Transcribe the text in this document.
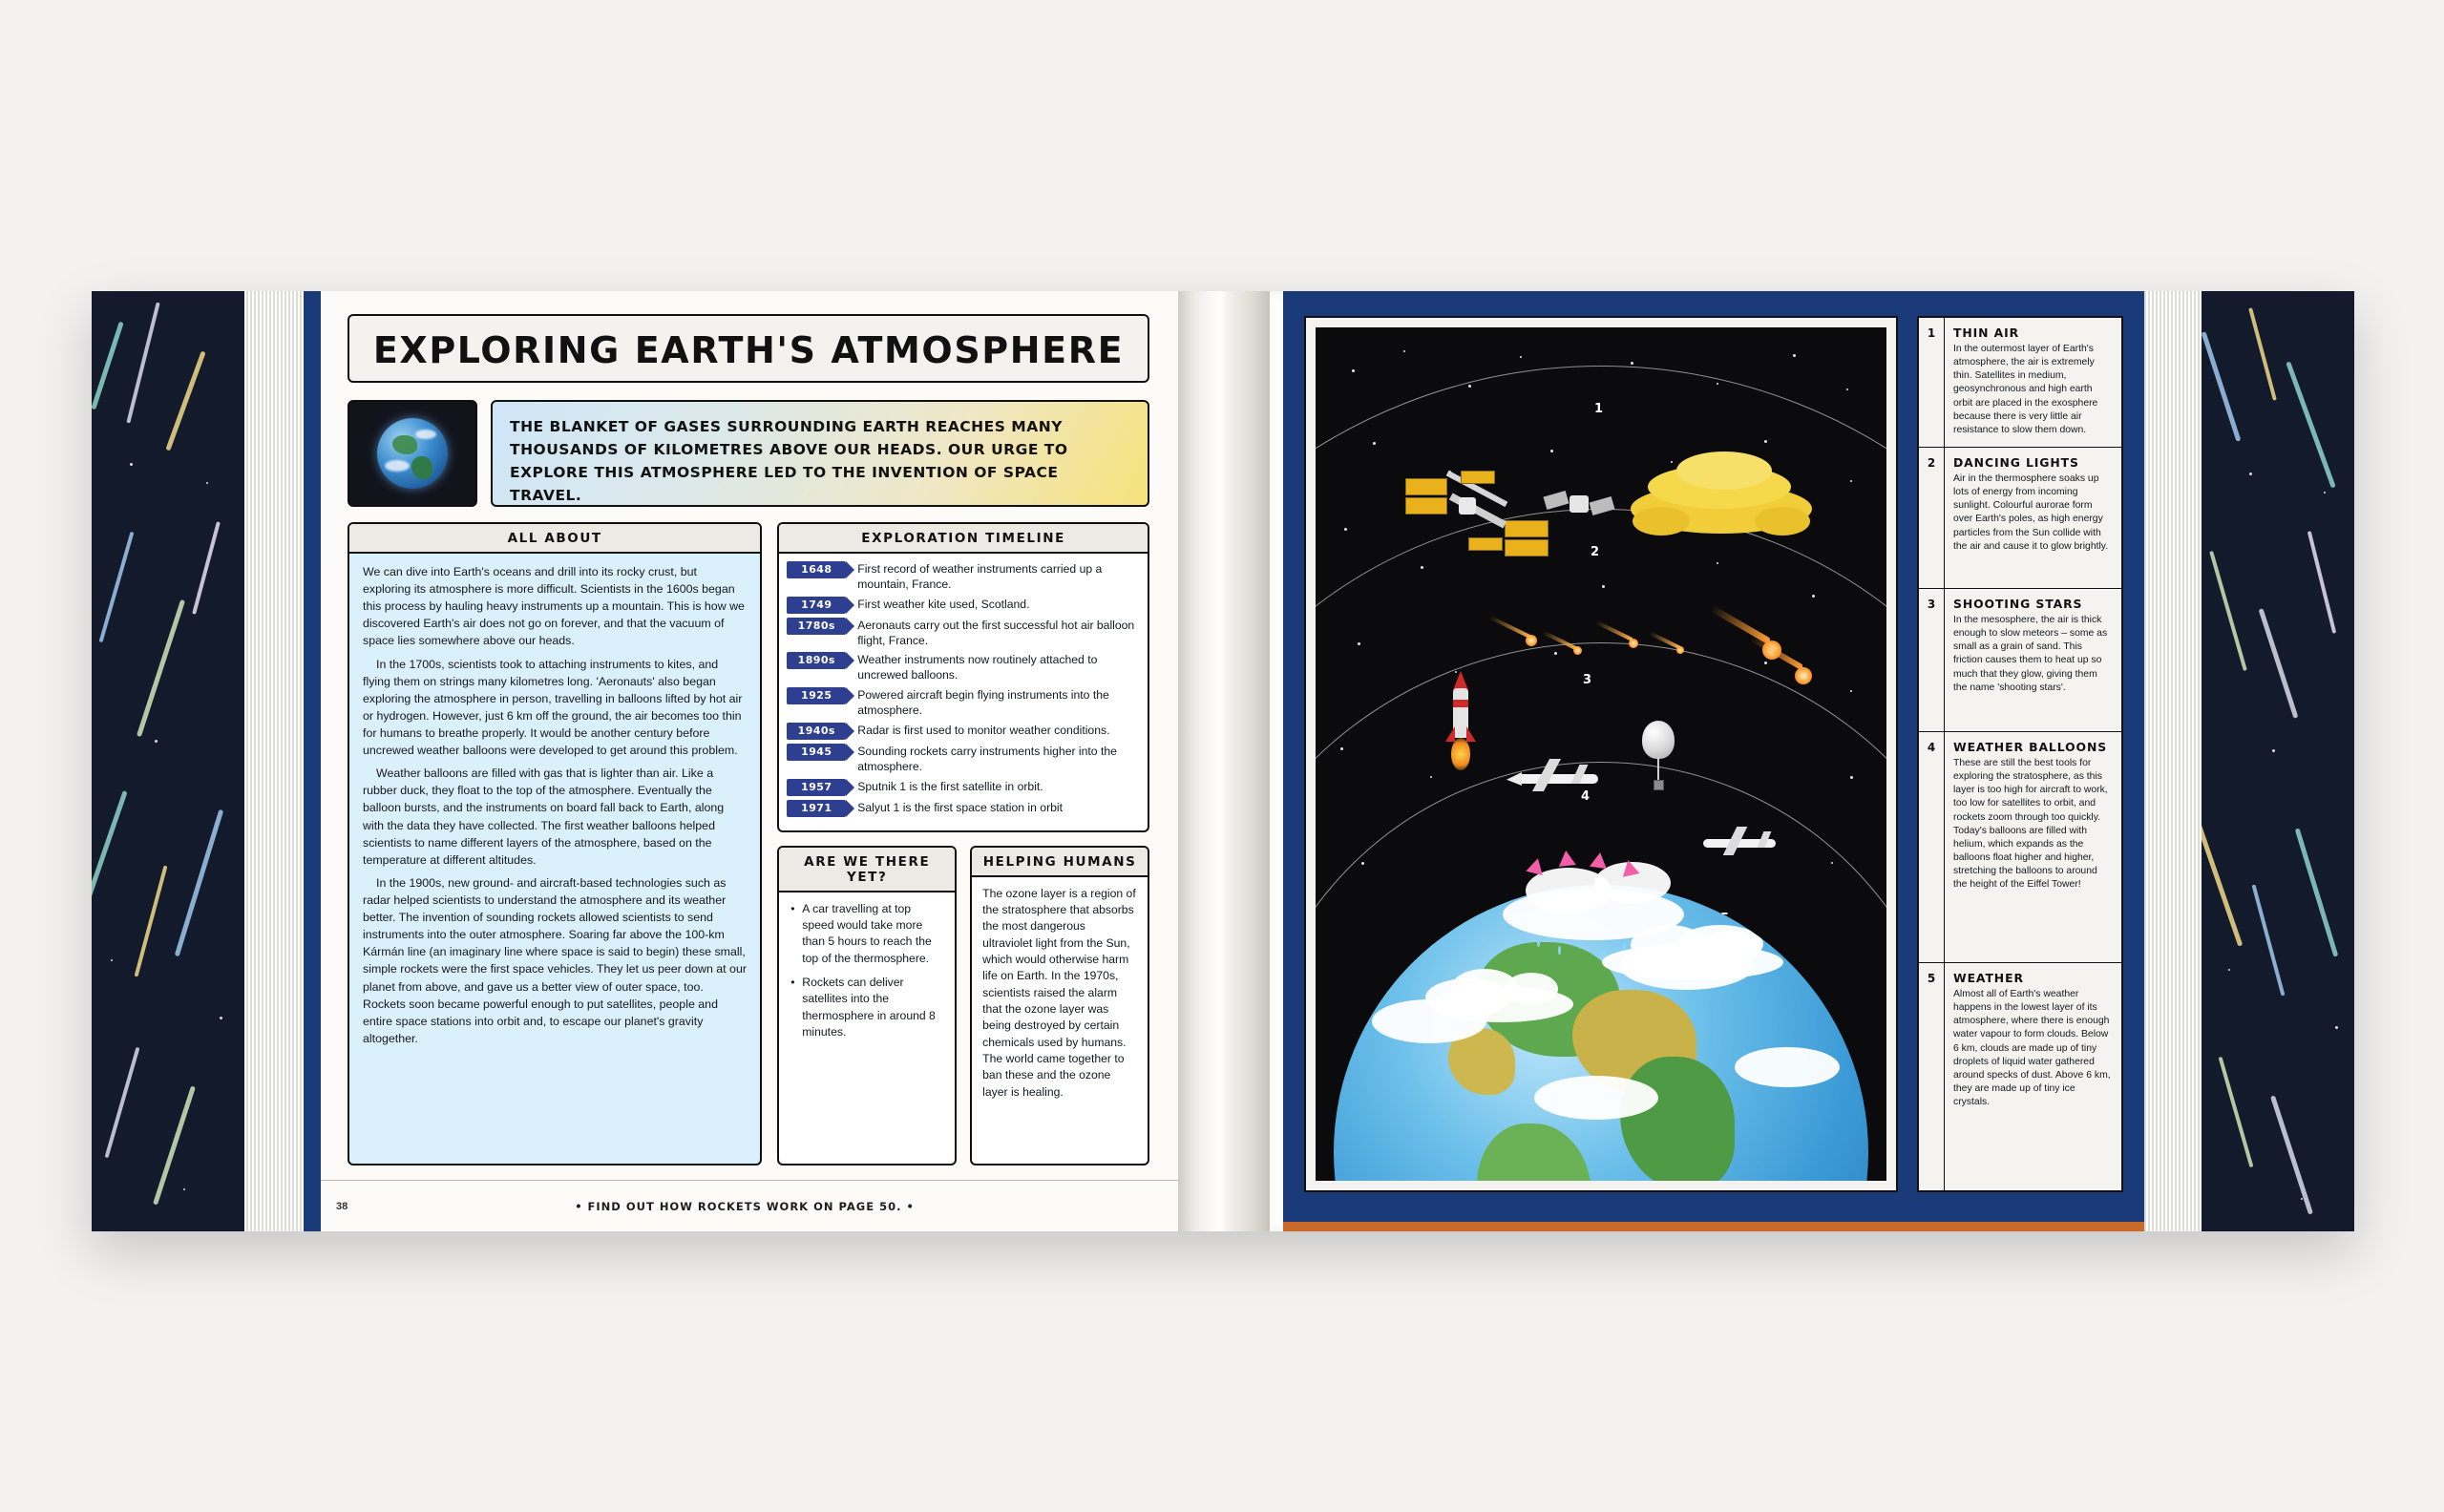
EXPLORING EARTH'S ATMOSPHERE

THE BLANKET OF GASES SURROUNDING EARTH REACHES MANY THOUSANDS OF KILOMETRES ABOVE OUR HEADS. OUR URGE TO EXPLORE THIS ATMOSPHERE LED TO THE INVENTION OF SPACE TRAVEL.

ALL ABOUT

We can dive into Earth's oceans and drill into its rocky crust, but exploring its atmosphere is more difficult. Scientists in the 1600s began this process by hauling heavy instruments up a mountain. This is how we discovered Earth's air does not go on forever, and that the vacuum of space lies somewhere above our heads.

In the 1700s, scientists took to attaching instruments to kites, and flying them on strings many kilometres long. 'Aeronauts' also began exploring the atmosphere in person, travelling in balloons lifted by hot air or hydrogen. However, just 6 km off the ground, the air becomes too thin for humans to breathe properly. It would be another century before uncrewed weather balloons were developed to get around this problem.

Weather balloons are filled with gas that is lighter than air. Like a rubber duck, they float to the top of the atmosphere. Eventually the balloon bursts, and the instruments on board fall back to Earth, along with the data they have collected. The first weather balloons helped scientists to name different layers of the atmosphere, based on the temperature at different altitudes.

In the 1900s, new ground- and aircraft-based technologies such as radar helped scientists to understand the atmosphere and its weather better. The invention of sounding rockets allowed scientists to send instruments into the outer atmosphere. Soaring far above the 100-km Kármán line (an imaginary line where space is said to begin) these small, simple rockets were the first space vehicles. They let us peer down at our planet from above, and gave us a better view of outer space, too. Rockets soon became powerful enough to put satellites, people and entire space stations into orbit and, to escape our planet's gravity altogether.

EXPLORATION TIMELINE
1648	First record of weather instruments carried up a mountain, France.
1749	First weather kite used, Scotland.
1780s	Aeronauts carry out the first successful hot air balloon flight, France.
1890s	Weather instruments now routinely attached to uncrewed balloons.
1925	Powered aircraft begin flying instruments into the atmosphere.
1940s	Radar is first used to monitor weather conditions.
1945	Sounding rockets carry instruments higher into the atmosphere.
1957	Sputnik 1 is the first satellite in orbit.
1971	Salyut 1 is the first space station in orbit
ARE WE THERE YET?
• A car travelling at top speed would take more than 5 hours to reach the top of the thermosphere.
• Rockets can deliver satellites into the thermosphere in around 8 minutes.
HELPING HUMANS

The ozone layer is a region of the stratosphere that absorbs the most dangerous ultraviolet light from the Sun, which would otherwise harm life on Earth. In the 1970s, scientists raised the alarm that the ozone layer was being destroyed by certain chemicals used by humans. The world came together to ban these and the ozone layer is healing.

38	• FIND OUT HOW ROCKETS WORK ON PAGE 50. •
1
2
3
4
1	THIN AIR
In the outermost layer of Earth's atmosphere, the air is extremely thin. Satellites in medium, geosynchronous and high earth orbit are placed in the exosphere because there is very little air resistance to slow them down.
2	DANCING LIGHTS
Air in the thermosphere soaks up lots of energy from incoming sunlight. Colourful aurorae form over Earth's poles, as high energy particles from the Sun collide with the air and cause it to glow brightly.
3	SHOOTING STARS
In the mesosphere, the air is thick enough to slow meteors – some as small as a grain of sand. This friction causes them to heat up so much that they glow, giving them the name 'shooting stars'.
4	WEATHER BALLOONS
These are still the best tools for exploring the stratosphere, as this layer is too high for aircraft to work, too low for satellites to orbit, and rockets zoom through too quickly. Today's balloons are filled with helium, which expands as the balloons float higher and higher, stretching the balloons to around the height of the Eiffel Tower!
5	WEATHER
Almost all of Earth's weather happens in the lowest layer of its atmosphere, where there is enough water vapour to form clouds. Below 6 km, clouds are made up of tiny droplets of liquid water gathered around specks of dust. Above 6 km, they are made up of tiny ice crystals.
